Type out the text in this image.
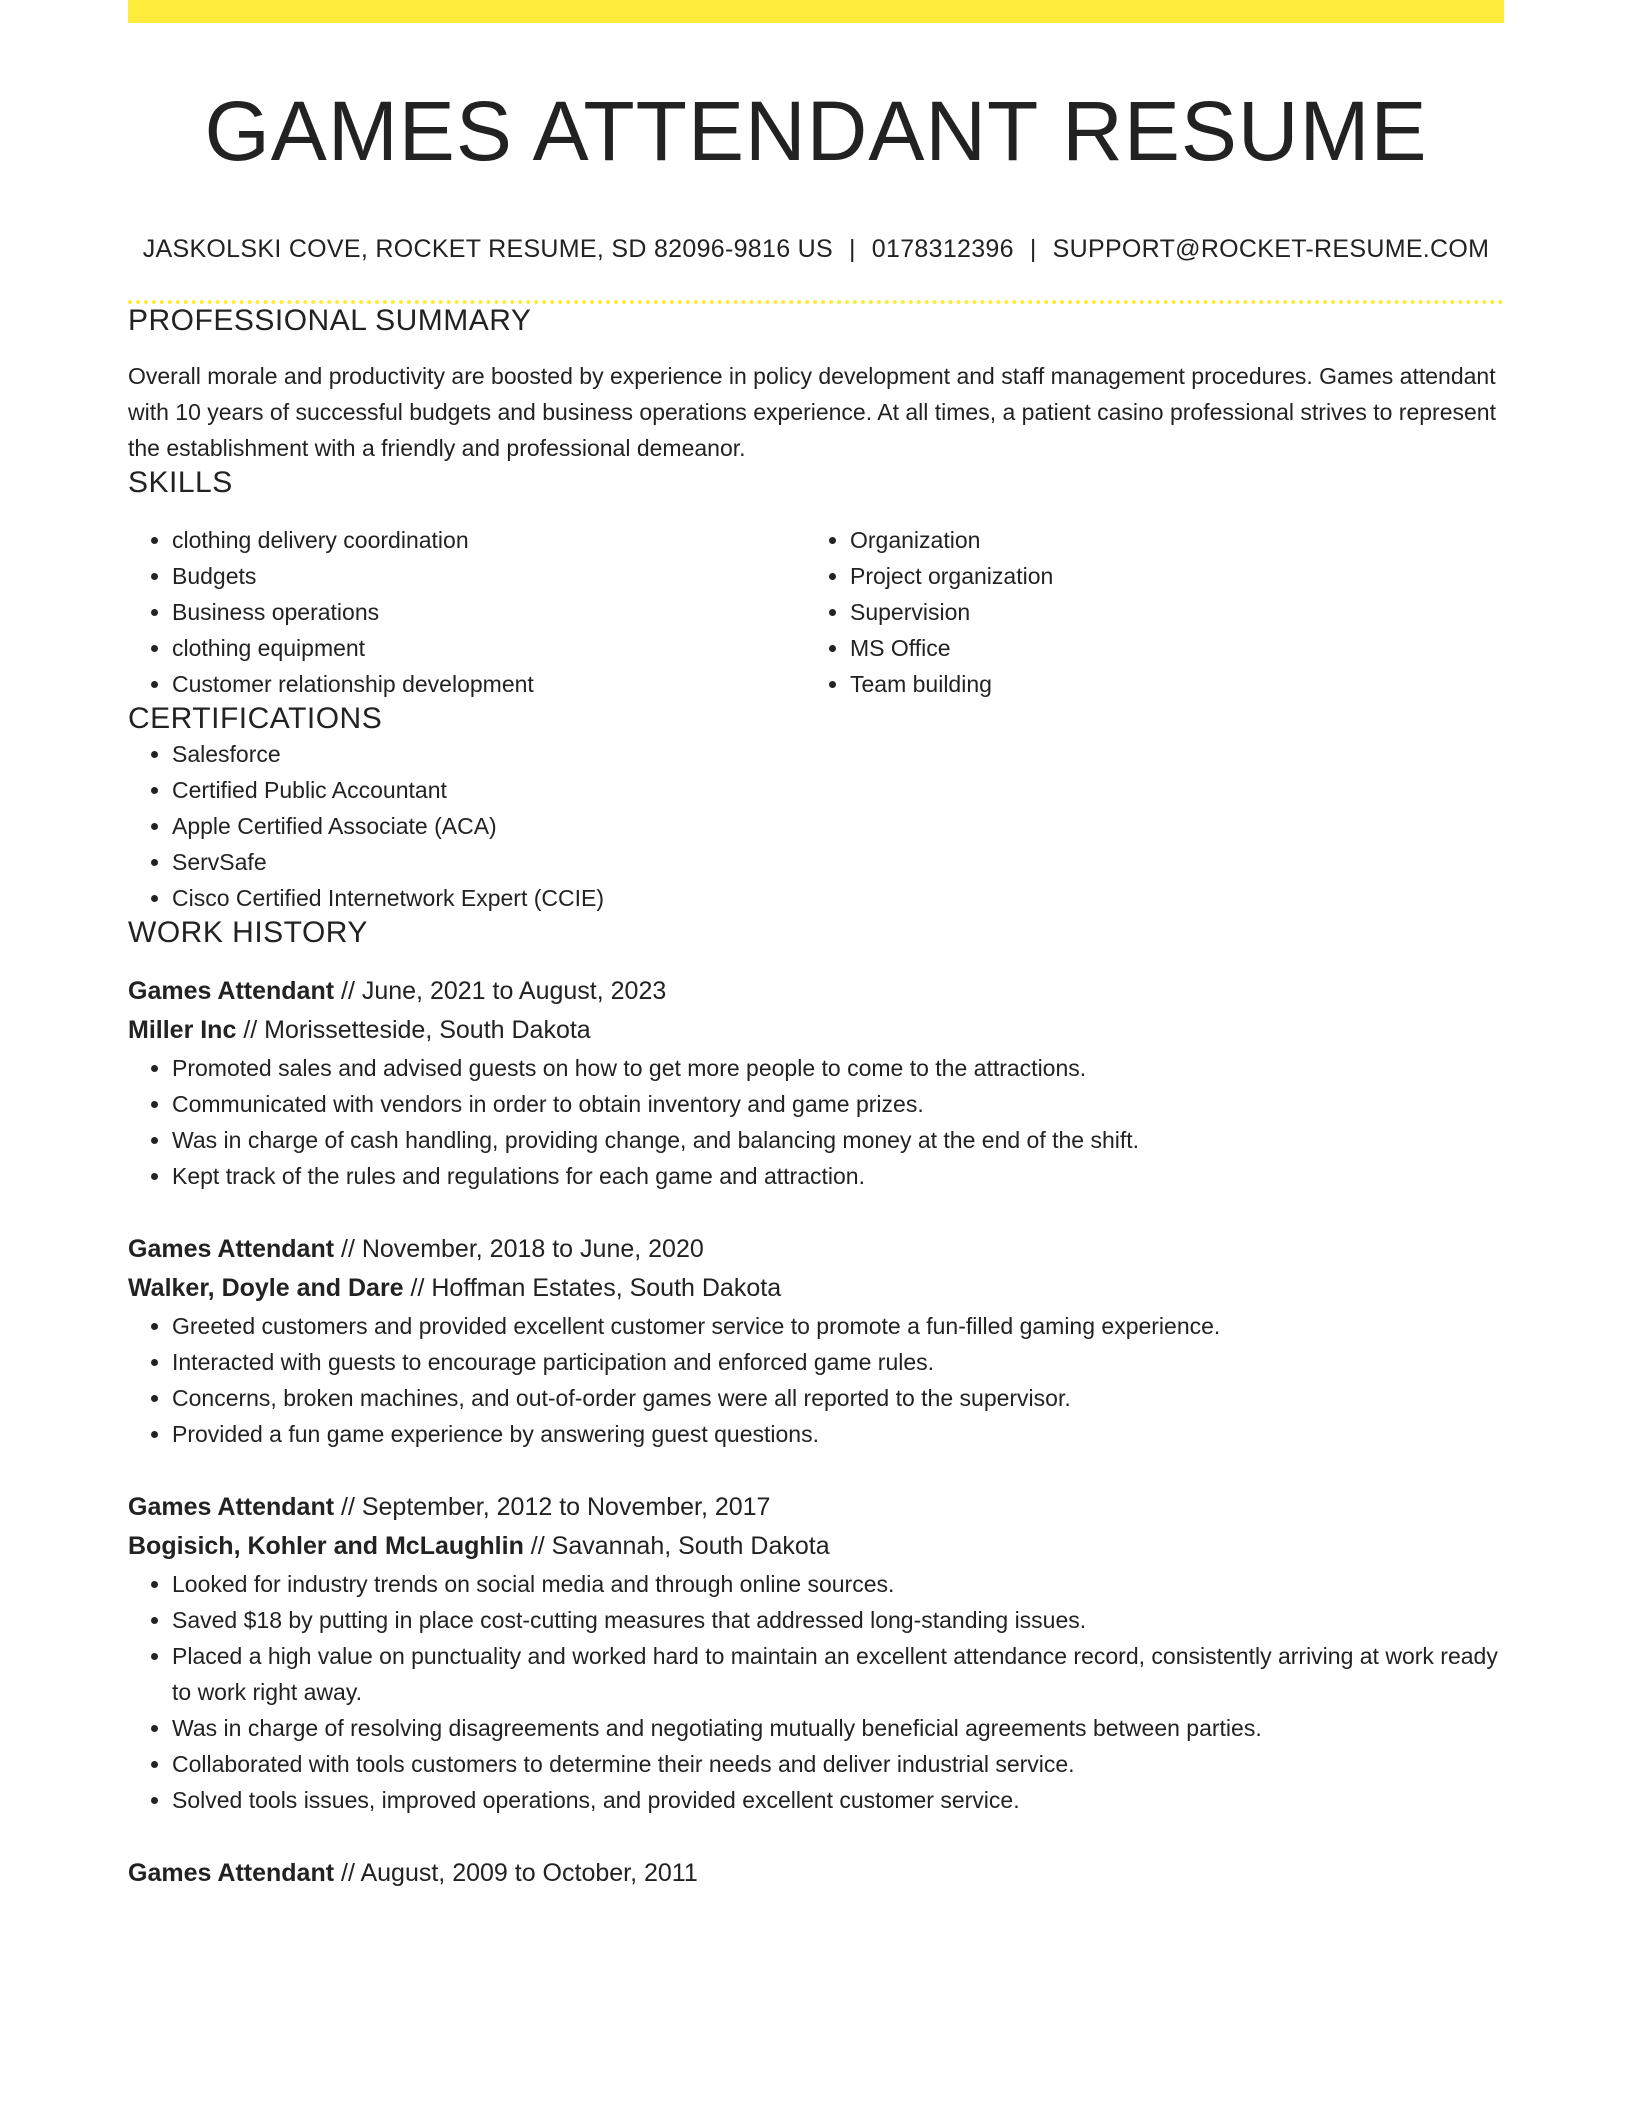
GAMES ATTENDANT RESUME
JASKOLSKI COVE, ROCKET RESUME, SD 82096-9816 US | 0178312396 | SUPPORT@ROCKET-RESUME.COM
PROFESSIONAL SUMMARY

Overall morale and productivity are boosted by experience in policy development and staff management procedures. Games attendant with 10 years of successful budgets and business operations experience. At all times, a patient casino professional strives to represent the establishment with a friendly and professional demeanor.

SKILLS
• clothing delivery coordination
• Budgets
• Business operations
• clothing equipment
• Customer relationship development
• Organization
• Project organization
• Supervision
• MS Office
• Team building
CERTIFICATIONS
• Salesforce
• Certified Public Accountant
• Apple Certified Associate (ACA)
• ServSafe
• Cisco Certified Internetwork Expert (CCIE)
WORK HISTORY
Games Attendant // June, 2021 to August, 2023
Miller Inc // Morissetteside, South Dakota
• Promoted sales and advised guests on how to get more people to come to the attractions.
• Communicated with vendors in order to obtain inventory and game prizes.
• Was in charge of cash handling, providing change, and balancing money at the end of the shift.
• Kept track of the rules and regulations for each game and attraction.
Games Attendant // November, 2018 to June, 2020
Walker, Doyle and Dare // Hoffman Estates, South Dakota
• Greeted customers and provided excellent customer service to promote a fun-filled gaming experience.
• Interacted with guests to encourage participation and enforced game rules.
• Concerns, broken machines, and out-of-order games were all reported to the supervisor.
• Provided a fun game experience by answering guest questions.
Games Attendant // September, 2012 to November, 2017
Bogisich, Kohler and McLaughlin // Savannah, South Dakota
• Looked for industry trends on social media and through online sources.
• Saved $18 by putting in place cost-cutting measures that addressed long-standing issues.
• Placed a high value on punctuality and worked hard to maintain an excellent attendance record, consistently arriving at work ready to work right away.
• Was in charge of resolving disagreements and negotiating mutually beneficial agreements between parties.
• Collaborated with tools customers to determine their needs and deliver industrial service.
• Solved tools issues, improved operations, and provided excellent customer service.
Games Attendant // August, 2009 to October, 2011
